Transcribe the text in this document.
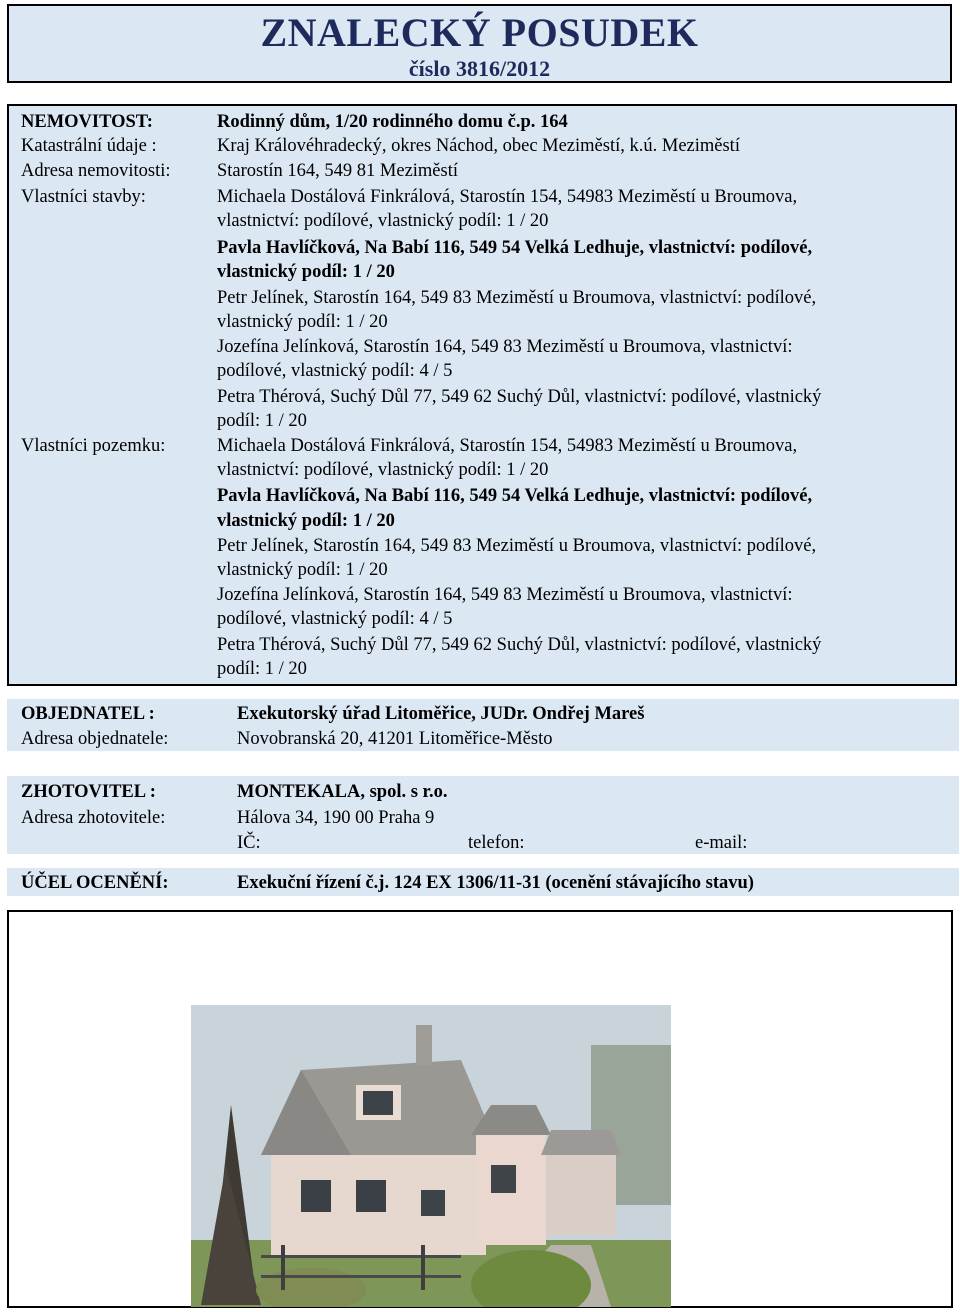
ZNALECKÝ POSUDEK
číslo 3816/2012
NEMOVITOST:	Rodinný dům, 1/20 rodinného domu č.p. 164
Katastrální údaje :	Kraj Královéhradecký, okres Náchod, obec Meziměstí, k.ú. Meziměstí
Adresa nemovitosti:	Starostín 164, 549 81 Meziměstí
Vlastníci stavby:	Michaela Dostálová Finkrálová, Starostín 154, 54983 Meziměstí u Broumova,
vlastnictví: podílové, vlastnický podíl: 1 / 20
Pavla Havlíčková, Na Babí 116, 549 54 Velká Ledhuje, vlastnictví: podílové,
vlastnický podíl: 1 / 20
Petr Jelínek, Starostín 164, 549 83 Meziměstí u Broumova, vlastnictví: podílové,
vlastnický podíl: 1 / 20
Jozefína Jelínková, Starostín 164, 549 83 Meziměstí u Broumova, vlastnictví:
podílové, vlastnický podíl: 4 / 5
Petra Thérová, Suchý Důl 77, 549 62 Suchý Důl, vlastnictví: podílové, vlastnický
podíl: 1 / 20
Vlastníci pozemku:	Michaela Dostálová Finkrálová, Starostín 154, 54983 Meziměstí u Broumova,
vlastnictví: podílové, vlastnický podíl: 1 / 20
Pavla Havlíčková, Na Babí 116, 549 54 Velká Ledhuje, vlastnictví: podílové,
vlastnický podíl: 1 / 20
Petr Jelínek, Starostín 164, 549 83 Meziměstí u Broumova, vlastnictví: podílové,
vlastnický podíl: 1 / 20
Jozefína Jelínková, Starostín 164, 549 83 Meziměstí u Broumova, vlastnictví:
podílové, vlastnický podíl: 4 / 5
Petra Thérová, Suchý Důl 77, 549 62 Suchý Důl, vlastnictví: podílové, vlastnický
podíl: 1 / 20
OBJEDNATEL :	Exekutorský úřad Litoměřice, JUDr. Ondřej Mareš
Adresa objednatele:	Novobranská 20, 41201 Litoměřice-Město
ZHOTOVITEL :	MONTEKALA, spol. s r.o.
Adresa zhotovitele:	Hálova 34, 190 00 Praha 9
IČ:	telefon:	e-mail:
ÚČEL OCENĚNÍ:	Exekuční řízení č.j. 124 EX 1306/11-31 (ocenění stávajícího stavu)
